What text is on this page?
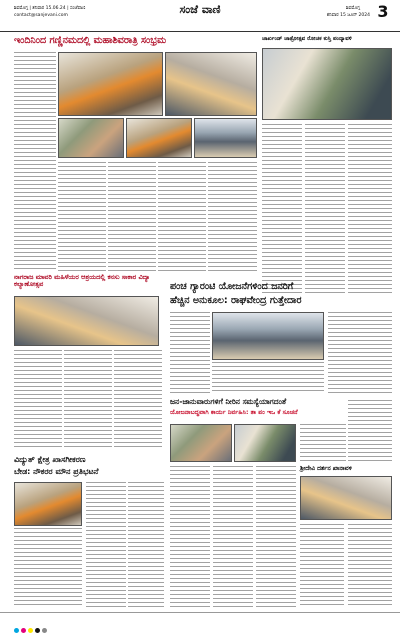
ಶಿವಮೊಗ್ಗ | ಶನಿವಾರ 15.06.24 | ಸಂಜೆವಾಣಿ
contact@sanjevani.com	ಸಂಜೆ ವಾಣಿ	ಶಿವಮೊಗ್ಗ
ಶನಿವಾರ 15 ಜೂನ್ 2024 3
ಇಂದಿನಿಂದ ಗಣ್ಣಿನಮದಲ್ಲಿ ಮಹಾಶಿವರಾತ್ರಿ ಸಂಭ್ರಮ	ಜಾರ್ಖಂಡ್ ಜಾತ್ರೋತ್ಸವ ರೋಚಕ ಕುಸ್ತಿ ಪಂದ್ಯಾವಳಿ
ನಾಗರಾಜ ಮಾವರಿ ಮಹಿಳೆಯರ ಆಶ್ರಯದಲ್ಲಿ ಕನಸು ಸಾಕಾರ ವಿದ್ಯಾ ಕಲ್ಯಾಣೋತ್ಸವ	ಪಂಚ ಗ್ಯಾರಂಟಿ ಯೋಜನೆಗಳಿಂದ ಜನರಿಗೆ
ಹೆಚ್ಚಿನ ಅನುಕೂಲ: ರಾಘವೇಂದ್ರ ಗುತ್ತೇದಾರ
ಜನ-ಜಾನುವಾರುಗಳಿಗೆ ನೀರಿನ ಸಮಸ್ಯೆಯಾಗದಂತೆ
ಯೋಜನಾಬದ್ಧವಾಗಿ ಕಾರ್ಯ ನಿರ್ವಹಿಸಿ: ತಾ ಪಂ ಇಒ ಕೆ ಸೂಚನೆ
ವಿದ್ಯುತ್ ಕ್ಷೇತ್ರ ಖಾಸಗೀಕರಣ
ಬೇಡ: ನೌಕರರ ಮೌನ ಪ್ರತಿಭಟನೆ	ಶ್ರೀದೇವಿ ದರ್ಶನ ಖಾನಾವಳಿ
